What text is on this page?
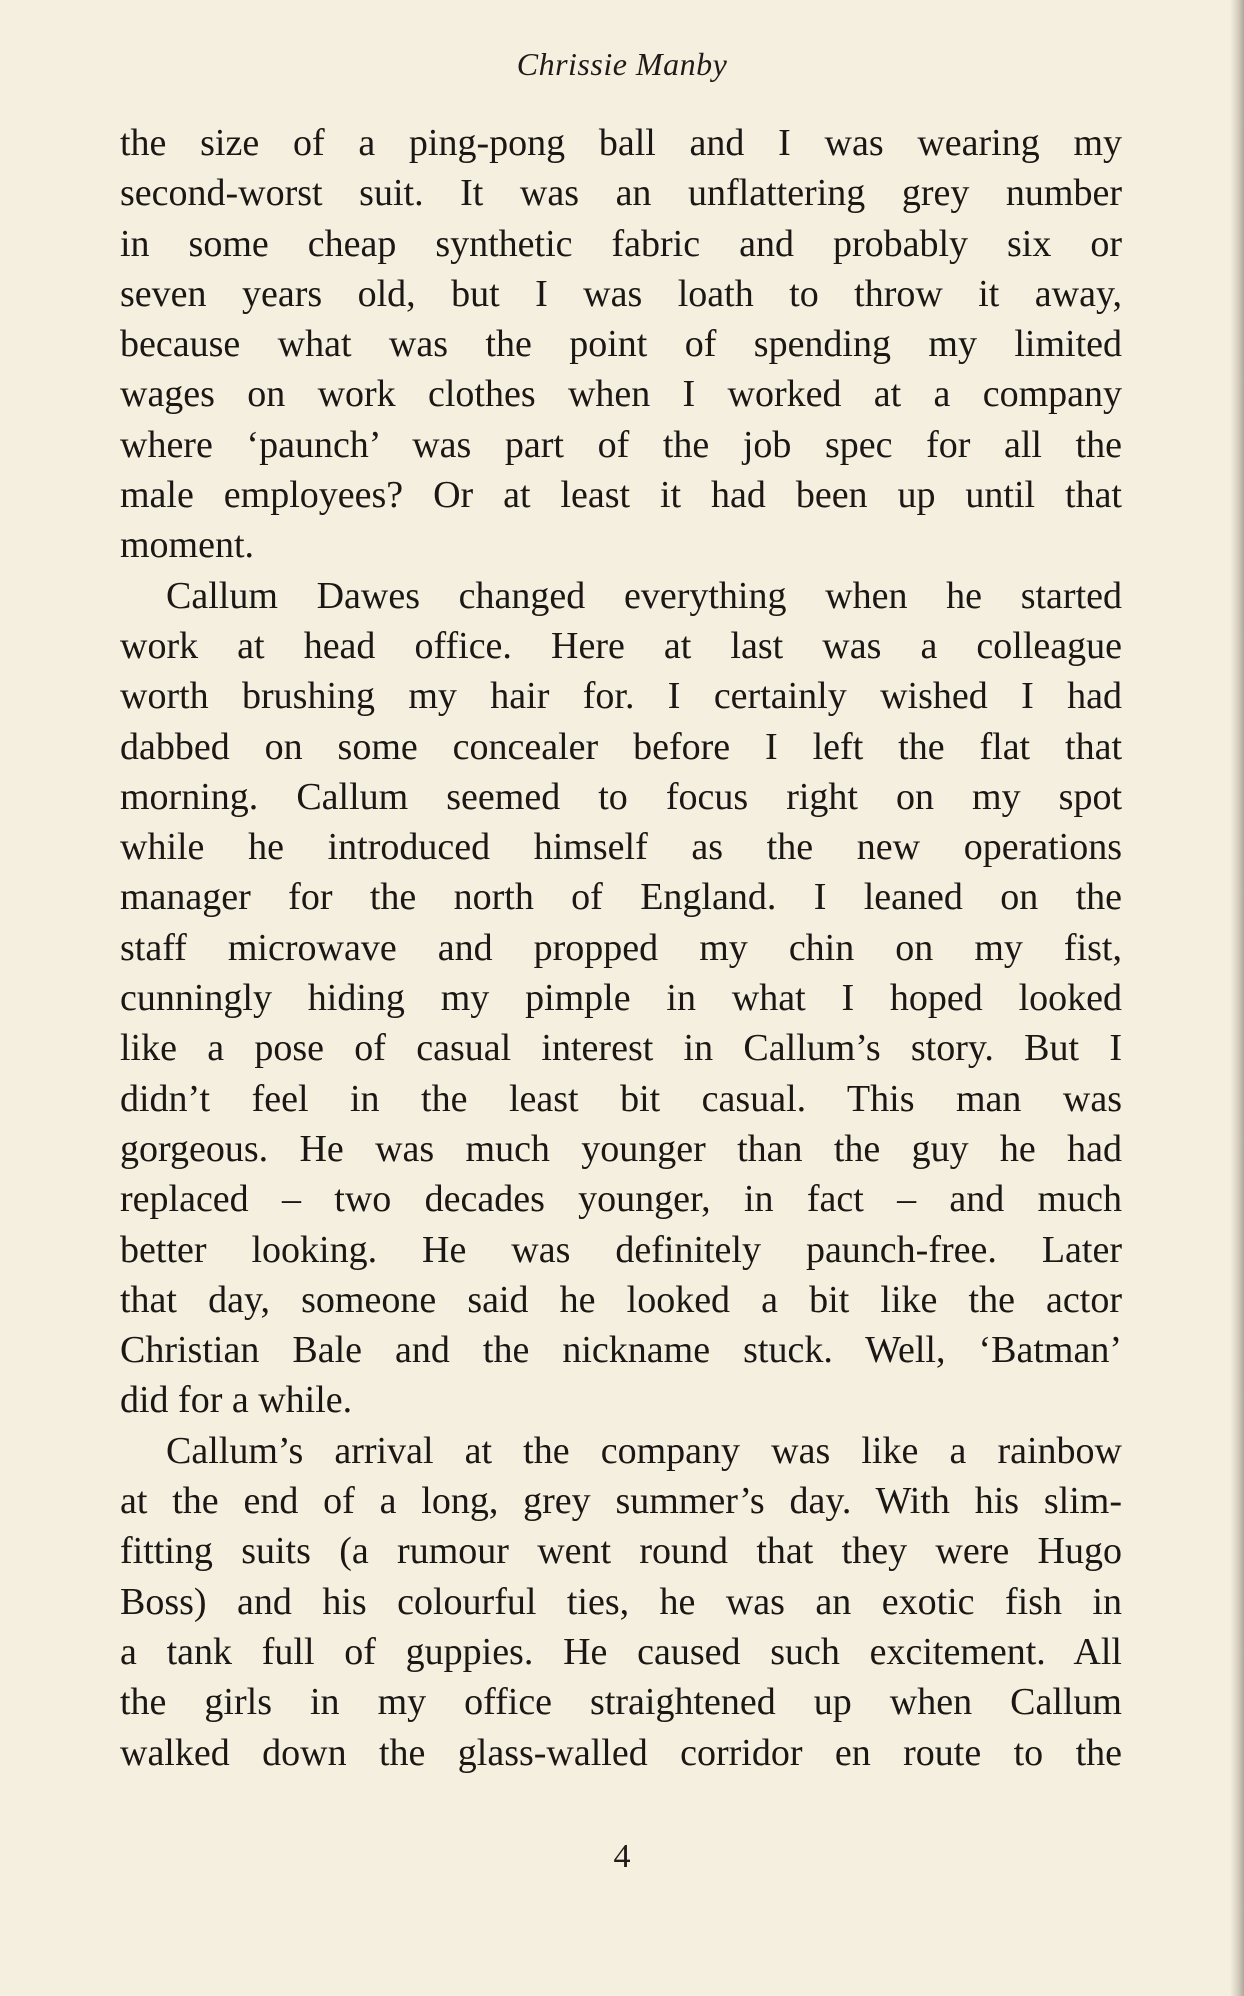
Chrissie Manby

the size of a ping-pong ball and I was wearing my
second-worst suit. It was an unflattering grey number
in some cheap synthetic fabric and probably six or
seven years old, but I was loath to throw it away,
because what was the point of spending my limited
wages on work clothes when I worked at a company
where ‘paunch’ was part of the job spec for all the
male employees? Or at least it had been up until that
moment.

Callum Dawes changed everything when he started
work at head office. Here at last was a colleague
worth brushing my hair for. I certainly wished I had
dabbed on some concealer before I left the flat that
morning. Callum seemed to focus right on my spot
while he introduced himself as the new operations
manager for the north of England. I leaned on the
staff microwave and propped my chin on my fist,
cunningly hiding my pimple in what I hoped looked
like a pose of casual interest in Callum’s story. But I
didn’t feel in the least bit casual. This man was
gorgeous. He was much younger than the guy he had
replaced – two decades younger, in fact – and much
better looking. He was definitely paunch-free. Later
that day, someone said he looked a bit like the actor
Christian Bale and the nickname stuck. Well, ‘Batman’
did for a while.

Callum’s arrival at the company was like a rainbow
at the end of a long, grey summer’s day. With his slim-
fitting suits (a rumour went round that they were Hugo
Boss) and his colourful ties, he was an exotic fish in
a tank full of guppies. He caused such excitement. All
the girls in my office straightened up when Callum
walked down the glass-walled corridor en route to the

4
